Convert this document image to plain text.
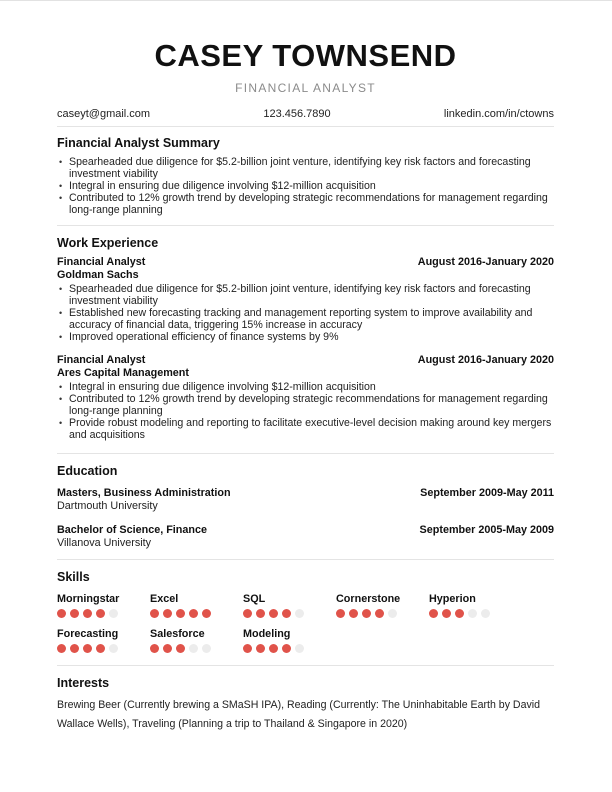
CASEY TOWNSEND
FINANCIAL ANALYST
caseyt@gmail.com	123.456.7890	linkedin.com/in/ctowns
Financial Analyst Summary
• Spearheaded due diligence for $5.2-billion joint venture, identifying key risk factors and forecasting investment viability
• Integral in ensuring due diligence involving $12-million acquisition
• Contributed to 12% growth trend by developing strategic recommendations for management regarding long-range planning
Work Experience
Financial Analyst	August 2016-January 2020
Goldman Sachs
• Spearheaded due diligence for $5.2-billion joint venture, identifying key risk factors and forecasting investment viability
• Established new forecasting tracking and management reporting system to improve availability and accuracy of financial data, triggering 15% increase in accuracy
• Improved operational efficiency of finance systems by 9%
Financial Analyst	August 2016-January 2020
Ares Capital Management
• Integral in ensuring due diligence involving $12-million acquisition
• Contributed to 12% growth trend by developing strategic recommendations for management regarding long-range planning
• Provide robust modeling and reporting to facilitate executive-level decision making around key mergers and acquisitions
Education
Masters, Business Administration	September 2009-May 2011
Dartmouth University
Bachelor of Science, Finance	September 2005-May 2009
Villanova University
Skills
Morningstar	Excel	SQL	Cornerstone	Hyperion
Forecasting	Salesforce	Modeling
Interests
Brewing Beer (Currently brewing a SMaSH IPA), Reading (Currently: The Uninhabitable Earth by David Wallace Wells), Traveling (Planning a trip to Thailand & Singapore in 2020)
